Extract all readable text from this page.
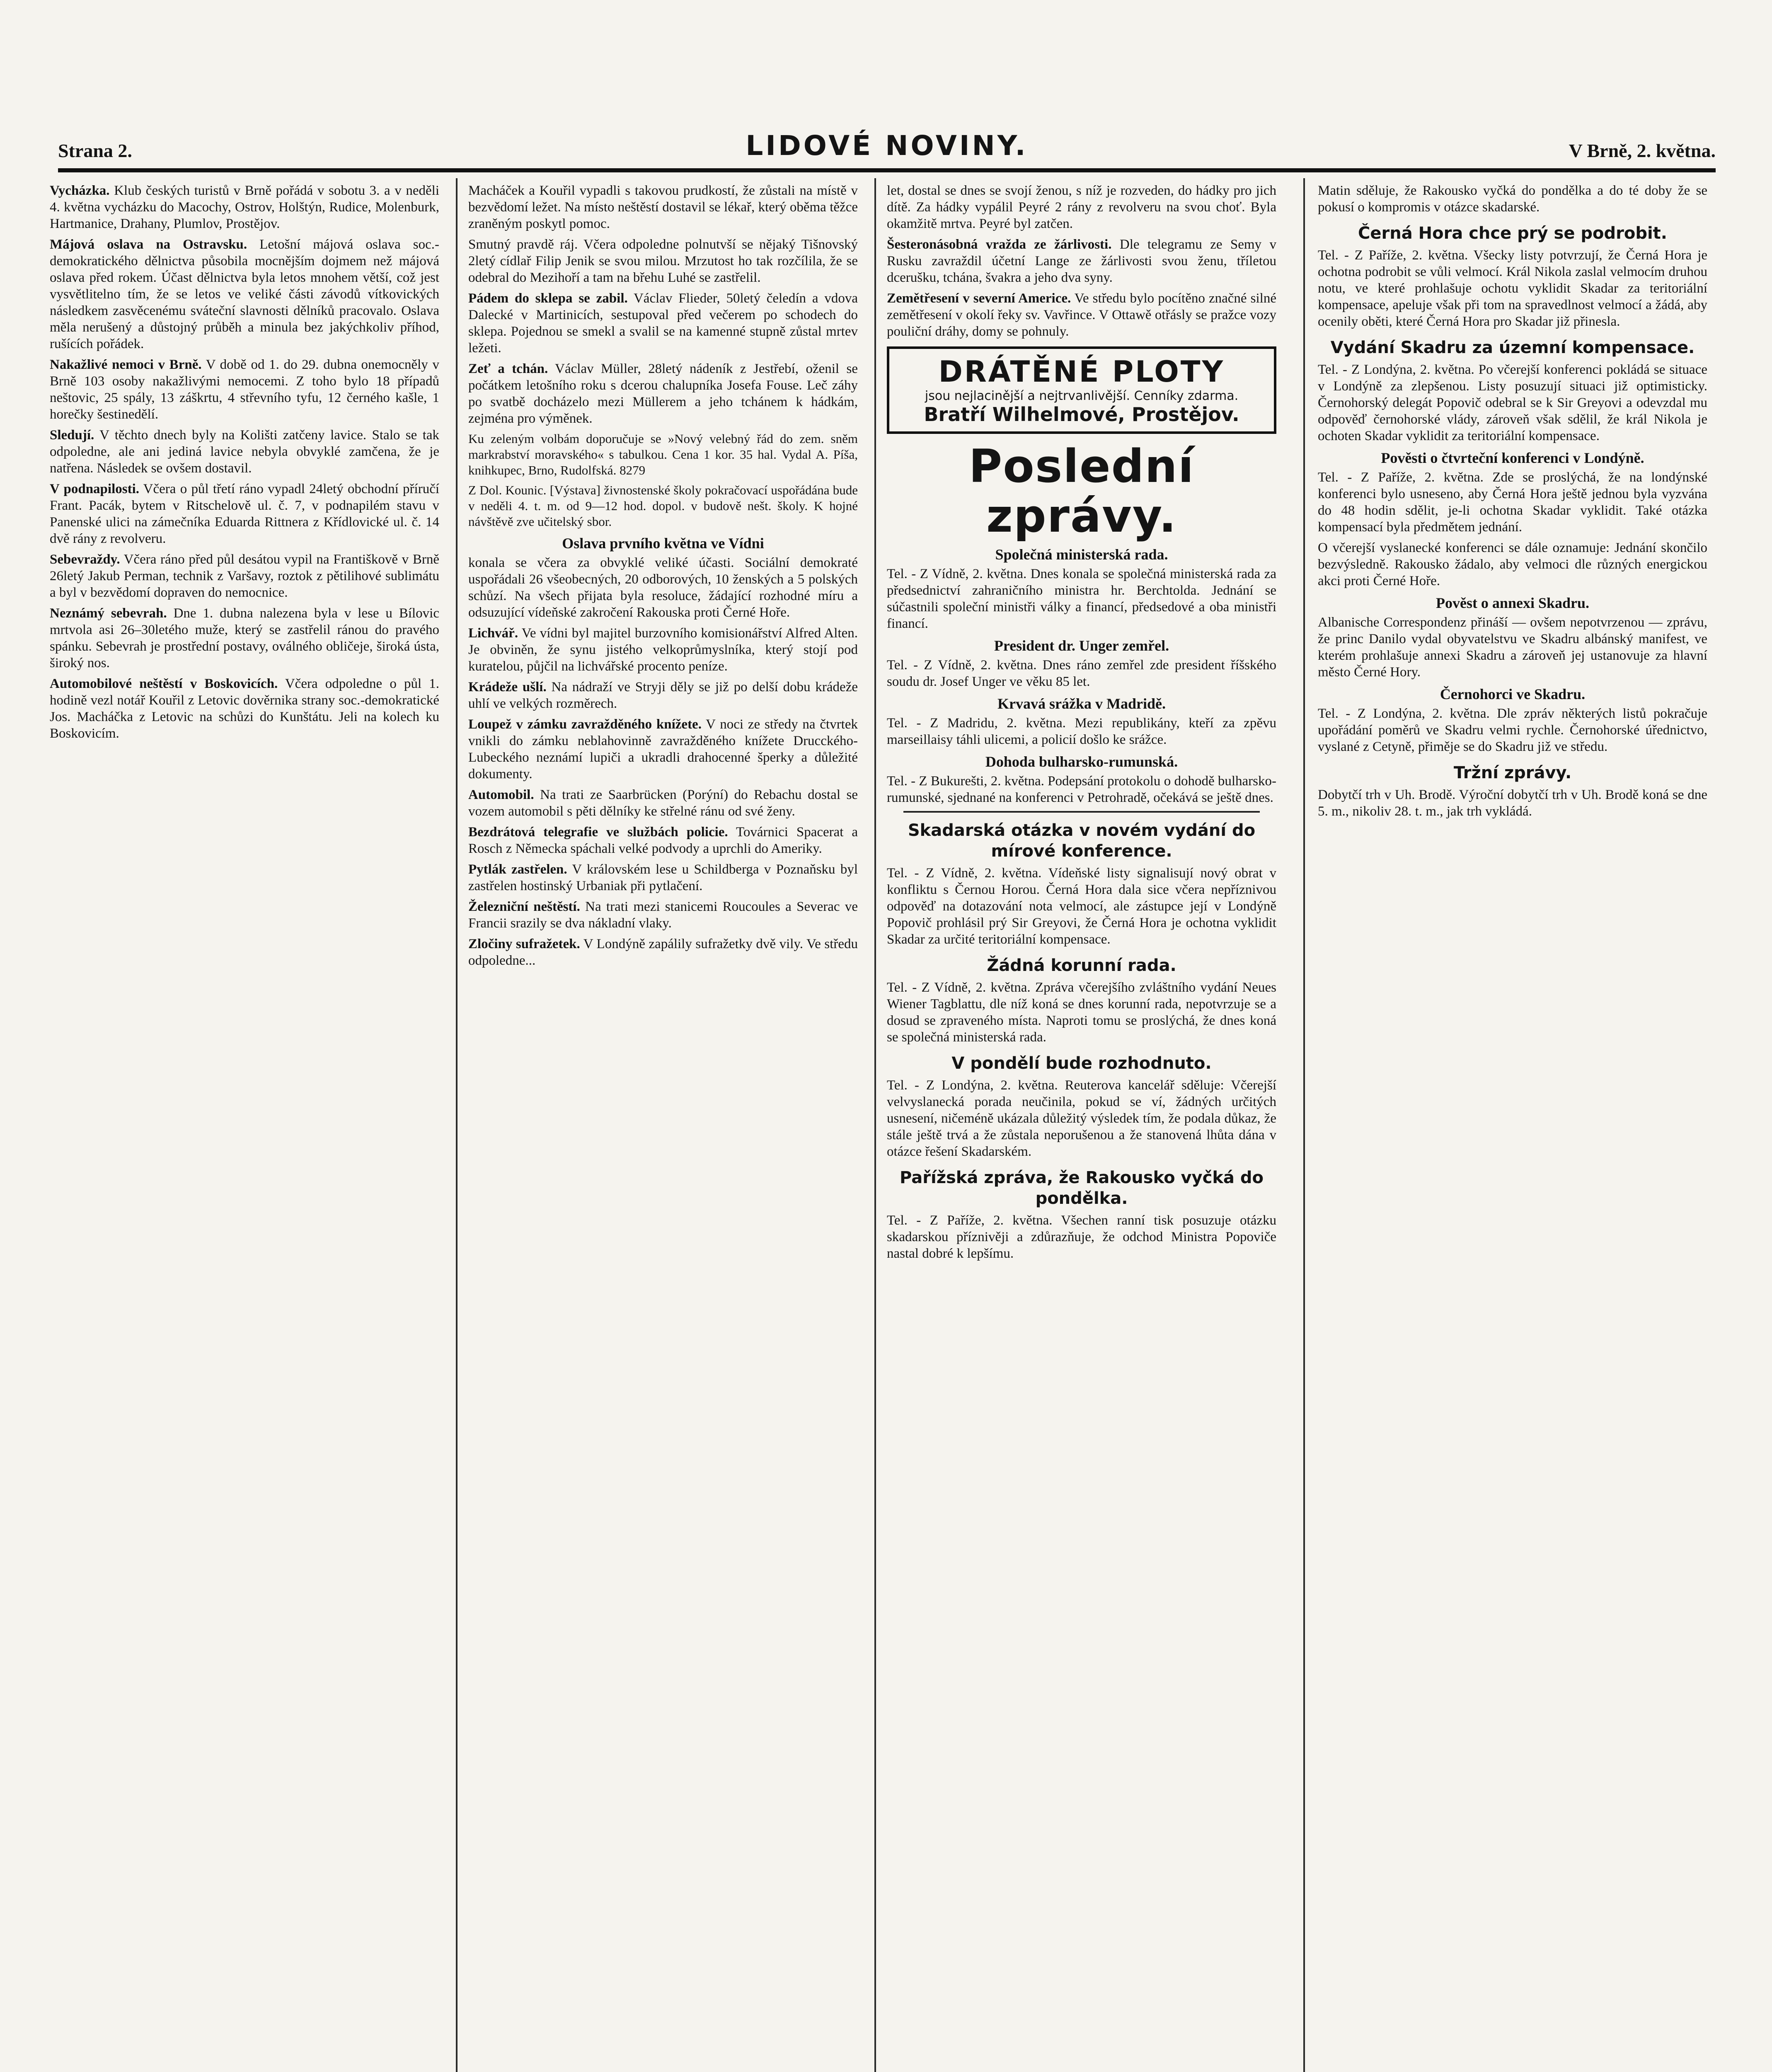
Strana 2.	LIDOVÉ NOVINY.	V Brně, 2. května.

Vycházka. Klub českých turistů v Brně pořádá v sobotu 3. a v neděli 4. května vycházku do Macochy, Ostrov, Holštýn, Rudice, Molenburk, Hartmanice, Drahany, Plumlov, Prostějov.

Májová oslava na Ostravsku. Letošní májová oslava soc.-demokratického dělnictva působila mocnějším dojmem než májová oslava před rokem. Účast dělnictva byla letos mnohem větší, což jest vysvětlitelno tím, že se letos ve veliké části závodů vítkovických následkem zasvěcenému sváteční slavnosti dělníků pracovalo. Oslava měla nerušený a důstojný průběh a minula bez jakýchkoliv příhod, rušících pořádek.

Nakažlivé nemoci v Brně. V době od 1. do 29. dubna onemocněly v Brně 103 osoby nakažlivými nemocemi. Z toho bylo 18 případů neštovic, 25 spály, 13 záškrtu, 4 střevního tyfu, 12 černého kašle, 1 horečky šestinedělí.

Sledují. V těchto dnech byly na Kolišti zatčeny lavice. Stalo se tak odpoledne, ale ani jediná lavice nebyla obvyklé zamčena, že je natřena. Následek se ovšem dostavil.

V podnapilosti. Včera o půl třetí ráno vypadl 24letý obchodní příručí Frant. Pacák, bytem v Ritschelově ul. č. 7, v podnapilém stavu v Panenské ulici na zámečníka Eduarda Rittnera z Křídlovické ul. č. 14 dvě rány z revolveru.

Sebevraždy. Včera ráno před půl desátou vypil na Františkově v Brně 26letý Jakub Perman, technik z Varšavy, roztok z pětilihové sublimátu a byl v bezvědomí dopraven do nemocnice.

Neznámý sebevrah. Dne 1. dubna nalezena byla v lese u Bílovic mrtvola asi 26–30letého muže, který se zastřelil ránou do pravého spánku. Sebevrah je prostřední postavy, oválného obličeje, široká ústa, široký nos.

Automobilové neštěstí v Boskovicích. Včera odpoledne o půl 1. hodině vezl notář Kouřil z Letovic dověrnika strany soc.-demokratické Jos. Macháčka z Letovic na schůzi do Kunštátu. Jeli na kolech ku Boskovicím.

Macháček a Kouřil vypadli s takovou prudkostí, že zůstali na místě v bezvědomí ležet. Na místo neštěstí dostavil se lékař, který oběma těžce zraněným poskytl pomoc.

Smutný pravdě ráj. Včera odpoledne polnutvší se nějaký Tišnovský 2letý cídlař Filip Jenik se svou milou. Mrzutost ho tak rozčílila, že se odebral do Mezihoří a tam na břehu Luhé se zastřelil.

Pádem do sklepa se zabil. Václav Flieder, 50letý čeledín a vdova Dalecké v Martinicích, sestupoval před večerem po schodech do sklepa. Pojednou se smekl a svalil se na kamenné stupně zůstal mrtev ležeti.

Zeť a tchán. Václav Müller, 28letý nádeník z Jestřebí, oženil se počátkem letošního roku s dcerou chalupníka Josefa Fouse. Leč záhy po svatbě docházelo mezi Müllerem a jeho tchánem k hádkám, zejména pro výměnek.

Ku zeleným volbám doporučuje se »Nový velebný řád do zem. sněm markrabství moravského« s tabulkou. Cena 1 kor. 35 hal. Vydal A. Píša, knihkupec, Brno, Rudolfská. 8279

Z Dol. Kounic. [Výstava] živnostenské školy pokračovací uspořádána bude v neděli 4. t. m. od 9—12 hod. dopol. v budově nešt. školy. K hojné návštěvě zve učitelský sbor.

Oslava prvního května ve Vídni

konala se včera za obvyklé veliké účasti. Sociální demokraté uspořádali 26 všeobecných, 20 odborových, 10 ženských a 5 polských schůzí. Na všech přijata byla resoluce, žádající rozhodné míru a odsuzující vídeňské zakročení Rakouska proti Černé Hoře.

Lichvář. Ve vídni byl majitel burzovního komisionářství Alfred Alten. Je obviněn, že synu jistého velkoprůmyslníka, který stojí pod kuratelou, půjčil na lichvářské procento peníze.

Krádeže ušlí. Na nádraží ve Stryji děly se již po delší dobu krádeže uhlí ve velkých rozměrech.

Loupež v zámku zavražděného knížete. V noci ze středy na čtvrtek vnikli do zámku neblahovinně zavražděného knížete Drucckého-Lubeckého neznámí lupiči a ukradli drahocenné šperky a důležité dokumenty.

Automobil. Na trati ze Saarbrücken (Porýní) do Rebachu dostal se vozem automobil s pěti dělníky ke střelné ránu od své ženy.

Bezdrátová telegrafie ve službách policie. Továrnici Spacerat a Rosch z Německa spáchali velké podvody a uprchli do Ameriky.

Pytlák zastřelen. V královském lese u Schildberga v Poznaňsku byl zastřelen hostinský Urbaniak při pytlačení.

Železniční neštěstí. Na trati mezi stanicemi Roucoules a Severac ve Francii srazily se dva nákladní vlaky.

Zločiny sufražetek. V Londýně zapálily sufražetky dvě vily. Ve středu odpoledne...

let, dostal se dnes se svojí ženou, s níž je rozveden, do hádky pro jich dítě. Za hádky vypálil Peyré 2 rány z revolveru na svou choť. Byla okamžitě mrtva. Peyré byl zatčen.

Šesteronásobná vražda ze žárlivosti. Dle telegramu ze Semy v Rusku zavraždil účetní Lange ze žárlivosti svou ženu, tříletou dcerušku, tchána, švakra a jeho dva syny.

Zemětřesení v severní Americe. Ve středu bylo pocítěno značné silné zemětřesení v okolí řeky sv. Vavřince. V Ottawě otřásly se pražce vozy pouliční dráhy, domy se pohnuly.

DRÁTĚNÉ PLOTY
jsou nejlacinější a nejtrvanlivější. Cenníky zdarma.
Bratří Wilhelmové, Prostějov.
Poslední zprávy.
Společná ministerská rada.

Tel. - Z Vídně, 2. května. Dnes konala se společná ministerská rada za předsednictví zahraničního ministra hr. Berchtolda. Jednání se súčastnili společní ministři války a financí, předsedové a oba ministři financí.

President dr. Unger zemřel.

Tel. - Z Vídně, 2. května. Dnes ráno zemřel zde president říšského soudu dr. Josef Unger ve věku 85 let.

Krvavá srážka v Madridě.

Tel. - Z Madridu, 2. května. Mezi republikány, kteří za zpěvu marseillaisy táhli ulicemi, a policií došlo ke srážce.

Dohoda bulharsko-rumunská.

Tel. - Z Bukurešti, 2. května. Podepsání protokolu o dohodě bulharsko-rumunské, sjednané na konferenci v Petrohradě, očekává se ještě dnes.

Skadarská otázka v novém vydání do mírové konference.

Tel. - Z Vídně, 2. května. Vídeňské listy signalisují nový obrat v konfliktu s Černou Horou. Černá Hora dala sice včera nepříznivou odpověď na dotazování nota velmocí, ale zástupce její v Londýně Popovič prohlásil prý Sir Greyovi, že Černá Hora je ochotna vyklidit Skadar za určité teritoriální kompensace.

Žádná korunní rada.

Tel. - Z Vídně, 2. května. Zpráva včerejšího zvláštního vydání Neues Wiener Tagblattu, dle níž koná se dnes korunní rada, nepotvrzuje se a dosud se zpraveného místa. Naproti tomu se proslýchá, že dnes koná se společná ministerská rada.

V pondělí bude rozhodnuto.

Tel. - Z Londýna, 2. května. Reuterova kancelář sděluje: Včerejší velvyslanecká porada neučinila, pokud se ví, žádných určitých usnesení, ničeméně ukázala důležitý výsledek tím, že podala důkaz, že stále ještě trvá a že zůstala neporušenou a že stanovená lhůta dána v otázce řešení Skadarském.

Pařížská zpráva, že Rakousko vyčká do pondělka.

Tel. - Z Paříže, 2. května. Všechen ranní tisk posuzuje otázku skadarskou příznivěji a zdůrazňuje, že odchod Ministra Popoviče nastal dobré k lepšímu.

Matin sděluje, že Rakousko vyčká do pondělka a do té doby že se pokusí o kompromis v otázce skadarské.

Černá Hora chce prý se podrobit.

Tel. - Z Paříže, 2. května. Všecky listy potvrzují, že Černá Hora je ochotna podrobit se vůli velmocí. Král Nikola zaslal velmocím druhou notu, ve které prohlašuje ochotu vyklidit Skadar za teritoriální kompensace, apeluje však při tom na spravedlnost velmocí a žádá, aby ocenily oběti, které Černá Hora pro Skadar již přinesla.

Vydání Skadru za územní kompensace.

Tel. - Z Londýna, 2. května. Po včerejší konferenci pokládá se situace v Londýně za zlepšenou. Listy posuzují situaci již optimisticky. Černohorský delegát Popovič odebral se k Sir Greyovi a odevzdal mu odpověď černohorské vlády, zároveň však sdělil, že král Nikola je ochoten Skadar vyklidit za teritoriální kompensace.

Pověsti o čtvrteční konferenci v Londýně.

Tel. - Z Paříže, 2. května. Zde se proslýchá, že na londýnské konferenci bylo usneseno, aby Černá Hora ještě jednou byla vyzvána do 48 hodin sdělit, je-li ochotna Skadar vyklidit. Také otázka kompensací byla předmětem jednání.

O včerejší vyslanecké konferenci se dále oznamuje: Jednání skončilo bezvýsledně. Rakousko žádalo, aby velmoci dle různých energickou akci proti Černé Hoře.

Pověst o annexi Skadru.

Albanische Correspondenz přináší — ovšem nepotvrzenou — zprávu, že princ Danilo vydal obyvatelstvu ve Skadru albánský manifest, ve kterém prohlašuje annexi Skadru a zároveň jej ustanovuje za hlavní město Černé Hory.

Černohorci ve Skadru.

Tel. - Z Londýna, 2. května. Dle zpráv některých listů pokračuje upořádání poměrů ve Skadru velmi rychle. Černohorské úřednictvo, vyslané z Cetyně, přiměje se do Skadru již ve středu.

Tržní zprávy.

Dobytčí trh v Uh. Brodě. Výroční dobytčí trh v Uh. Brodě koná se dne 5. m., nikoliv 28. t. m., jak trh vykládá.
